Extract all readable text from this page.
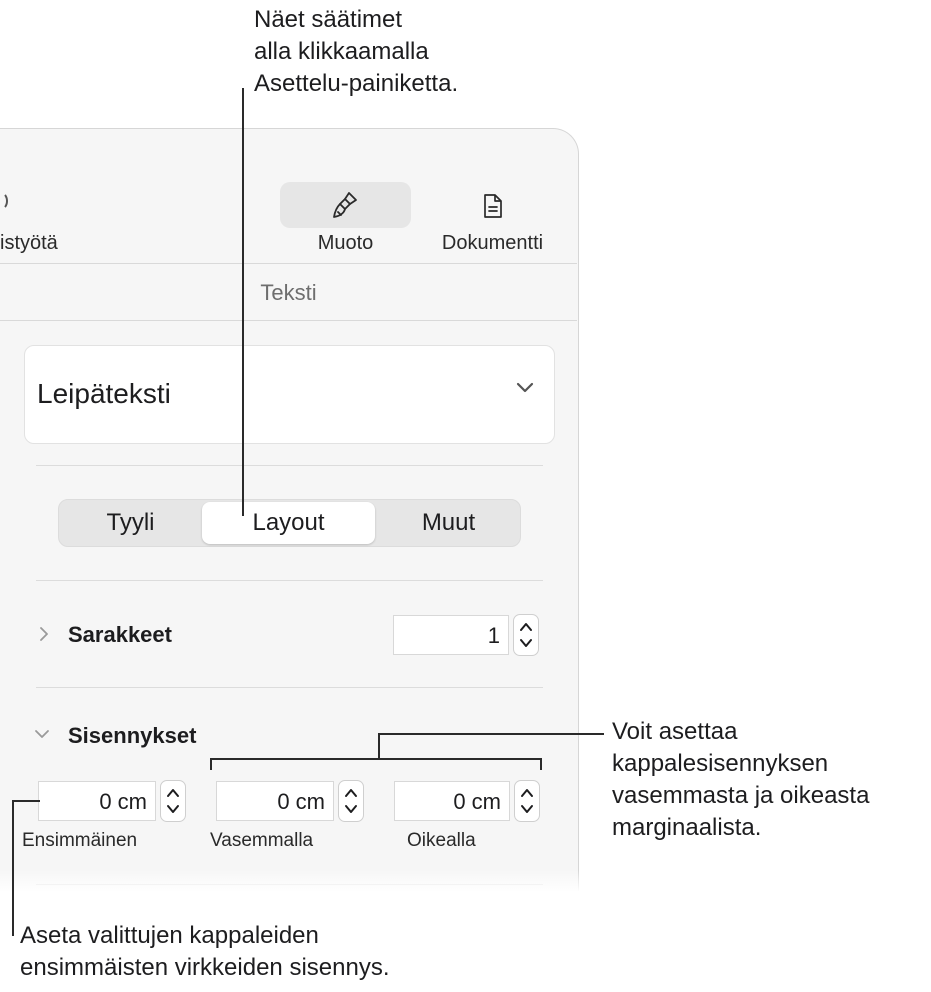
Näet säätimet
alla klikkaamalla
Asettelu-painiketta.
istyötä	Muoto	Dokumentti
Teksti
Leipäteksti
Tyyli	Layout	Muut
Sarakkeet	1
Sisennykset
0 cm
Ensimmäinen
0 cm
Vasemmalla
0 cm
Oikealla
Voit asettaa
kappalesisennyksen
vasemmasta ja oikeasta
marginaalista.
Aseta valittujen kappaleiden
ensimmäisten virkkeiden sisennys.
